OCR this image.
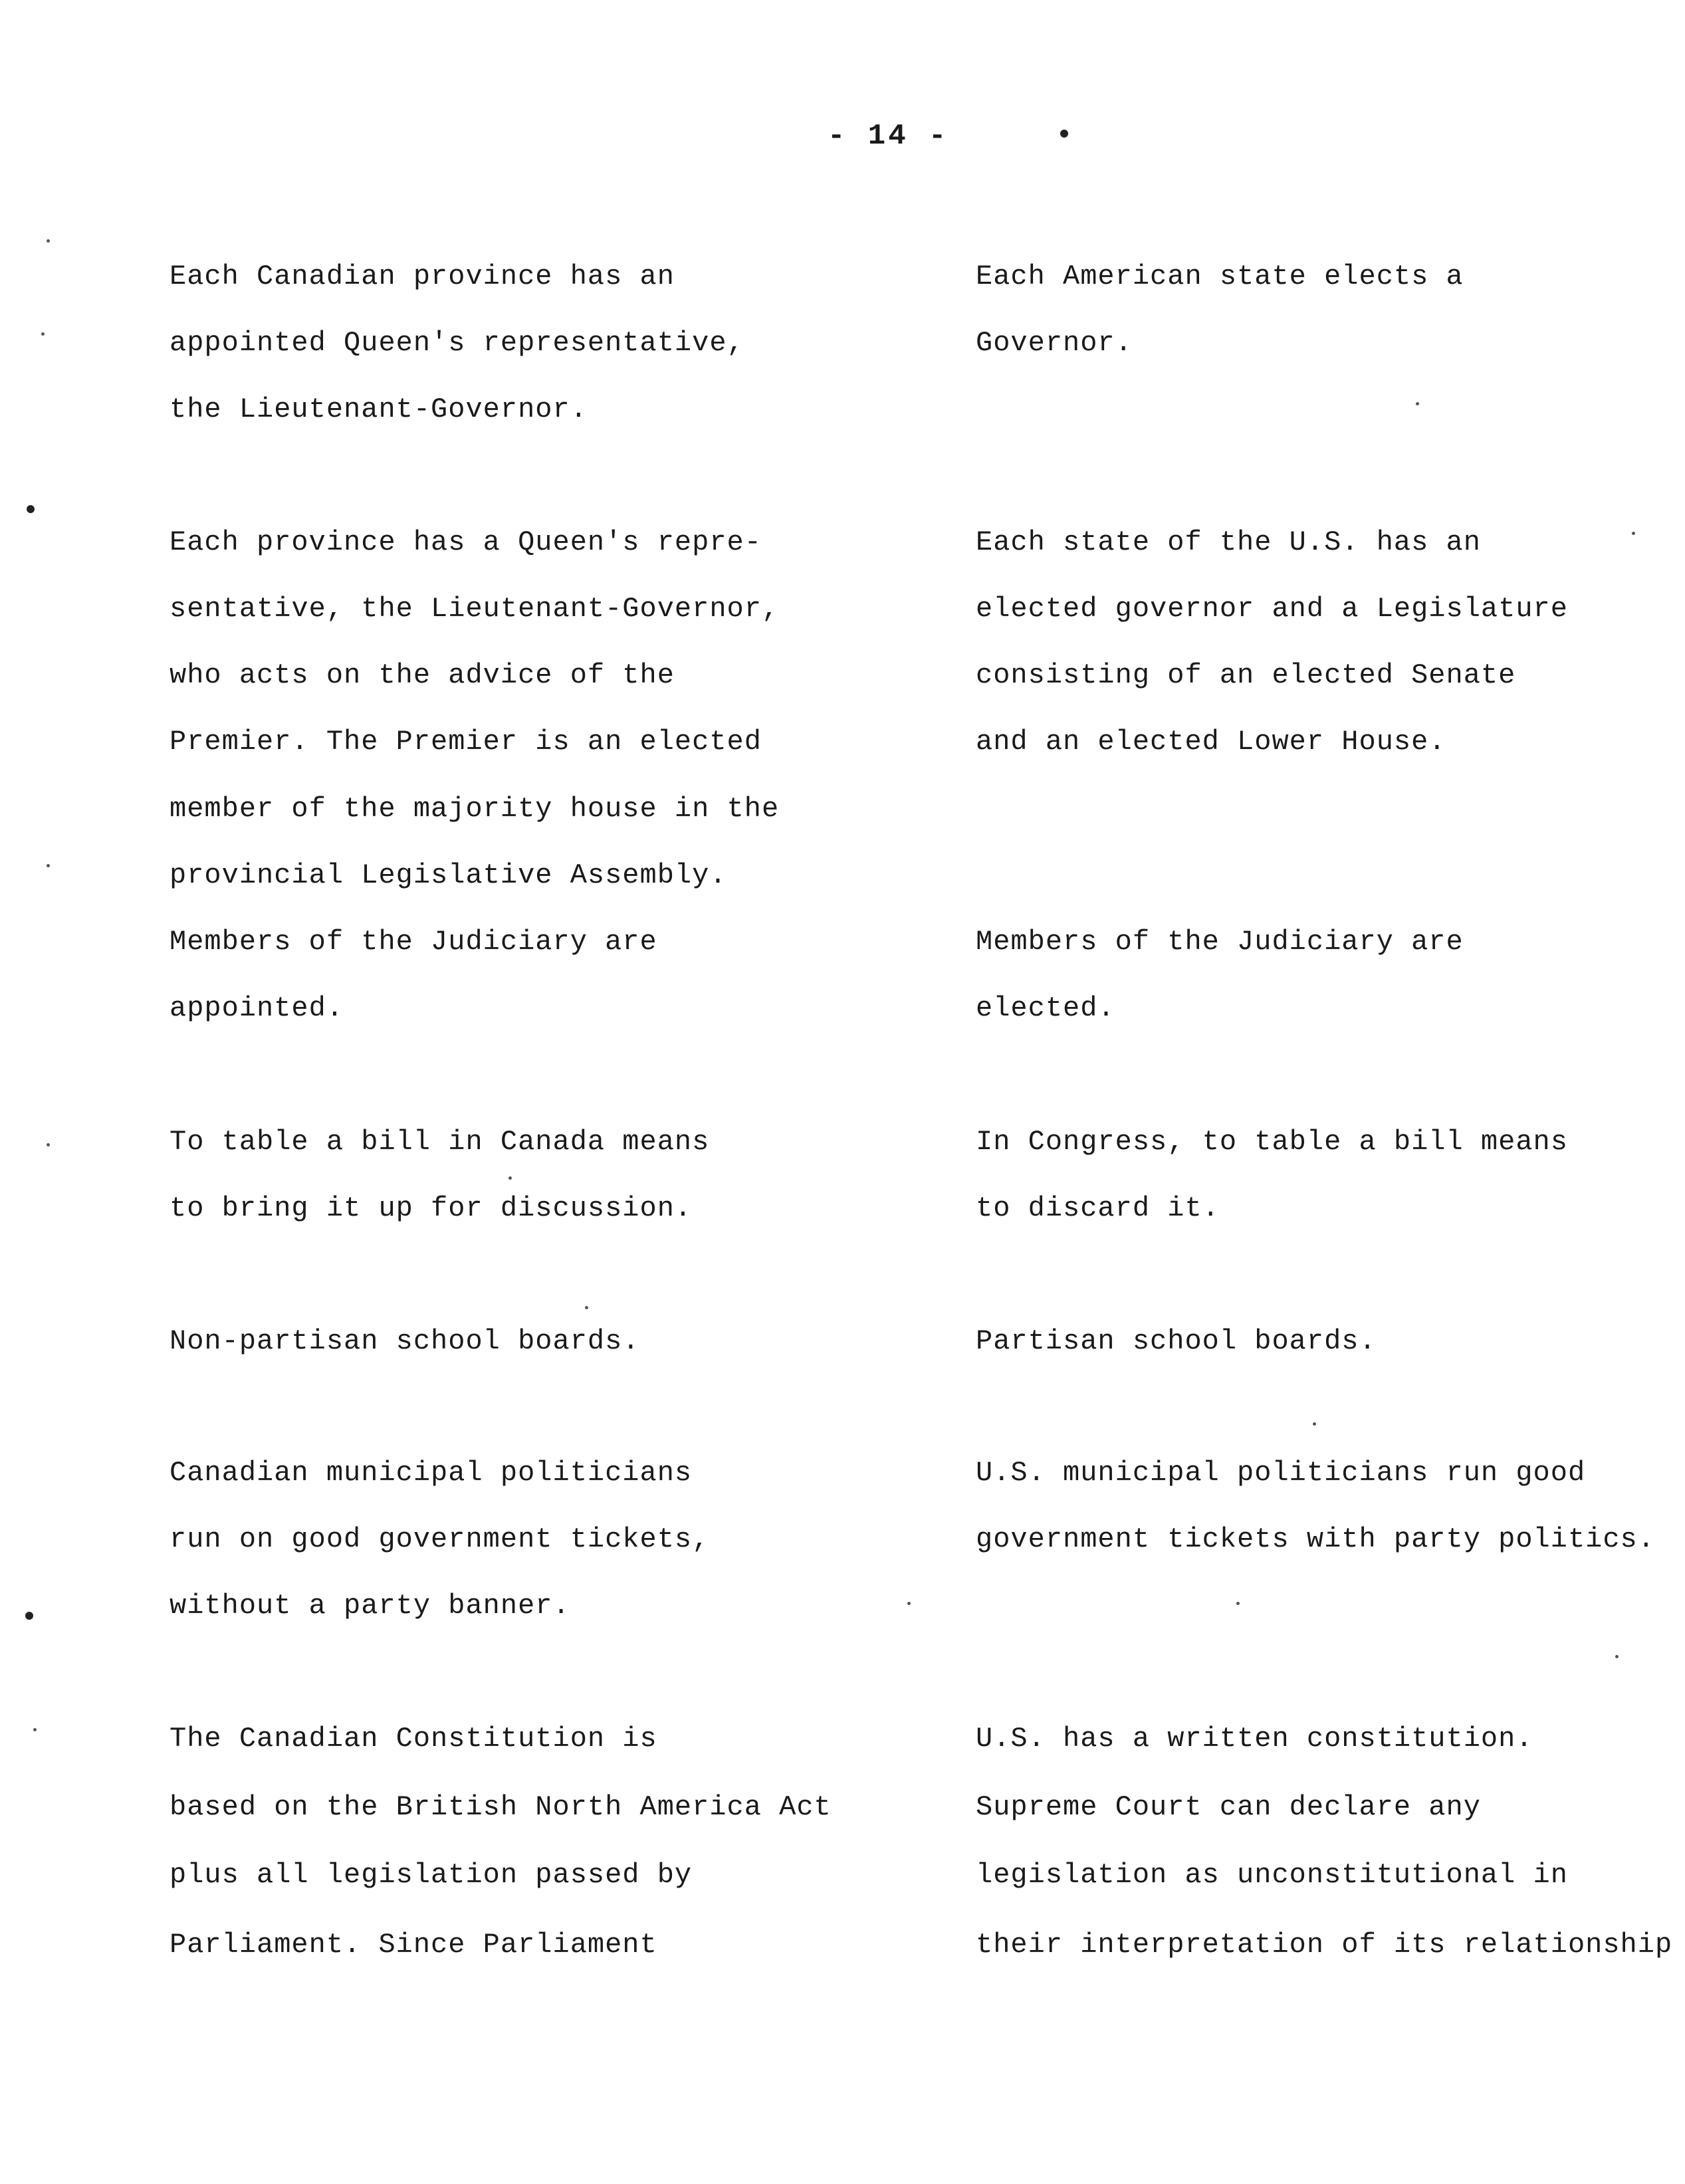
- 14 -
Each Canadian province has an
appointed Queen's representative,
the Lieutenant-Governor.
Each province has a Queen's repre-
sentative, the Lieutenant-Governor,
who acts on the advice of the
Premier. The Premier is an elected
member of the majority house in the
provincial Legislative Assembly.
Members of the Judiciary are
appointed.
To table a bill in Canada means
to bring it up for discussion.
Non-partisan school boards.
Canadian municipal politicians
run on good government tickets,
without a party banner.
The Canadian Constitution is
based on the British North America Act
plus all legislation passed by
Parliament. Since Parliament
Each American state elects a
Governor.
Each state of the U.S. has an
elected governor and a Legislature
consisting of an elected Senate
and an elected Lower House.
Members of the Judiciary are
elected.
In Congress, to table a bill means
to discard it.
Partisan school boards.
U.S. municipal politicians run good
government tickets with party politics.
U.S. has a written constitution.
Supreme Court can declare any
legislation as unconstitutional in
their interpretation of its relationship
